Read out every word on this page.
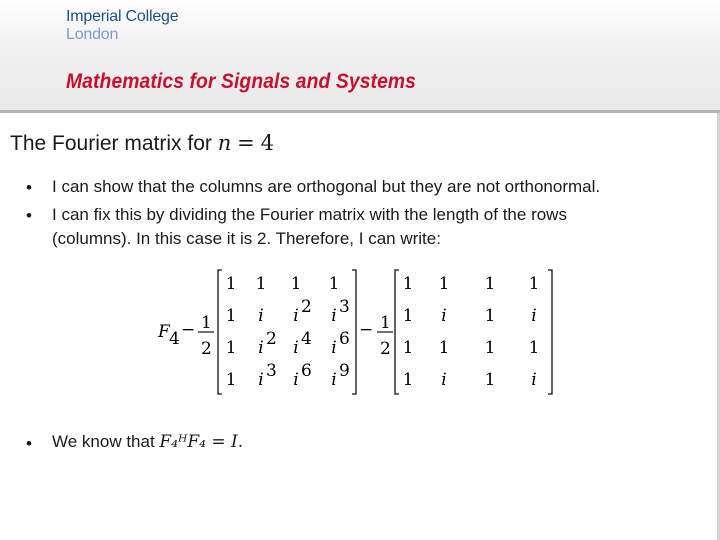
Imperial College
London
Mathematics for Signals and Systems
The Fourier matrix for n = 4
• I can show that the columns are orthogonal but they are not orthonormal.
• I can fix this by dividing the Fourier matrix with the length of the rows
(columns). In this case it is 2. Therefore, I can write:
F 4 − 1
2
1 1 1 1
1 i i 2 i 3
1 i 2 i 4 i 6
1 i 3 i 6 i 9
− 1
2
1 1 1 1
1 i 1 i
1 1 1 1
1 i 1 i
• We know that F₄ᴴF₄ = I.
